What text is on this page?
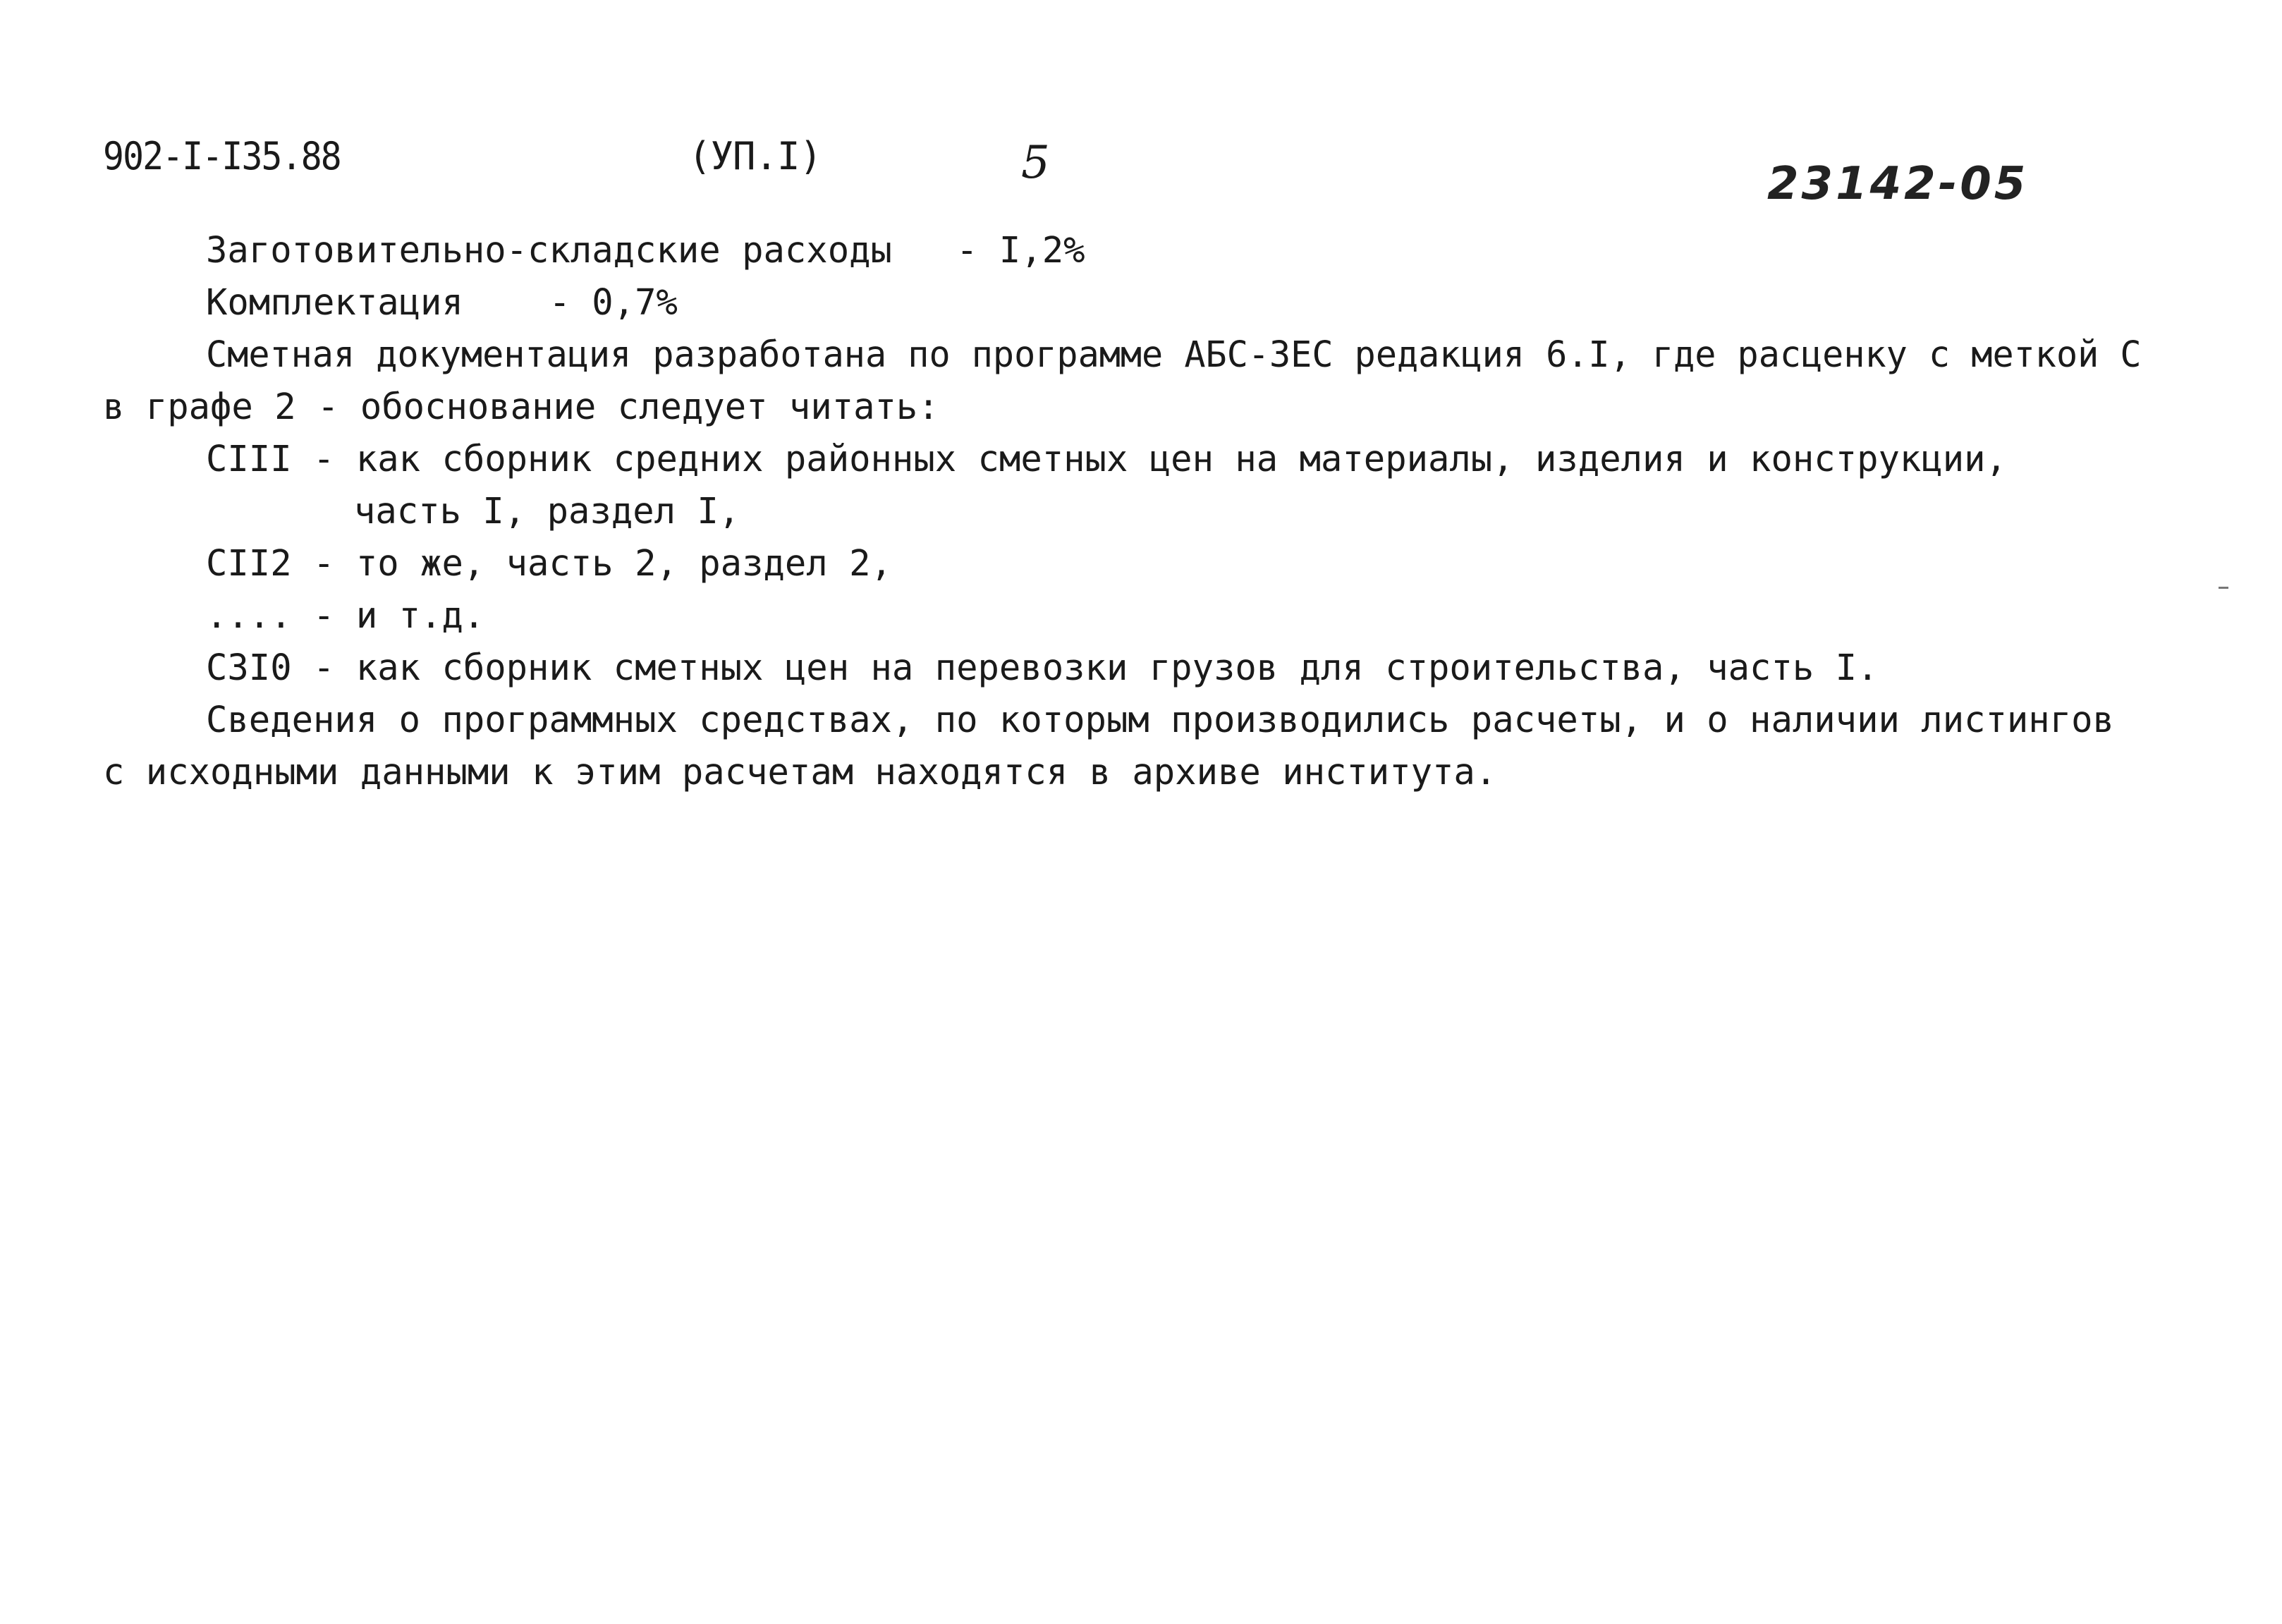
902-I-I35.88	(УП.I)	5	23142-05
Заготовительно-складские расходы   - I,2%
Комплектация    - 0,7%
Сметная документация разработана по программе АБС-3ЕС редакция 6.I, где расценку с меткой С
в графе 2 - обоснование следует читать:
CIII - как сборник средних районных сметных цен на материалы, изделия и конструкции,
часть I, раздел I,
CII2 - то же, часть 2, раздел 2,
.... - и т.д.
C3I0 - как сборник сметных цен на перевозки грузов для строительства, часть I.
Сведения о программных средствах, по которым производились расчеты, и о наличии листингов
с исходными данными к этим расчетам находятся в архиве института.
